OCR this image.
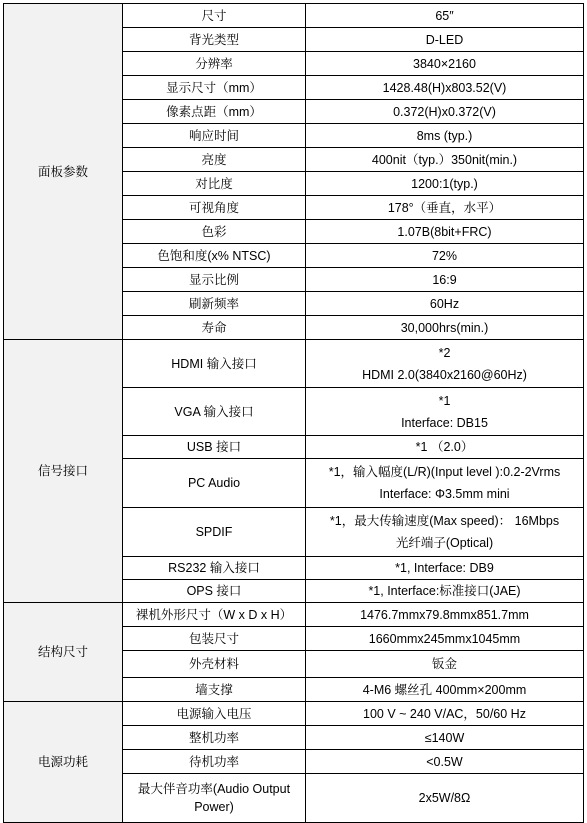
面板参数	尺寸	65″
	背光类型	D-LED
	分辨率	3840×2160
	显示尺寸（mm）	1428.48(H)x803.52(V)
	像素点距（mm）	0.372(H)x0.372(V)
	响应时间	8ms (typ.)
	亮度	400nit（typ.）350nit(min.)
	对比度	1200:1(typ.)
	可视角度	178°（垂直，水平）
	色彩	1.07B(8bit+FRC)
	色饱和度(x% NTSC)	72%
	显示比例	16:9
	刷新频率	60Hz
	寿命	30,000hrs(min.)
信号接口	HDMI 输入接口	*2
HDMI 2.0(3840x2160@60Hz)

	VGA 输入接口	*1
Interface: DB15

	USB 接口	*1 （2.0）
	PC Audio	*1，输入幅度(L/R)(Input level ):0.2-2Vrms
Interface: Φ3.5mm mini

	SPDIF	*1，最大传输速度(Max speed)： 16Mbps
光纤端子(Optical)

	RS232 输入接口	*1, Interface: DB9
	OPS 接口	*1, Interface:标准接口(JAE)
结构尺寸	裸机外形尺寸（W x D x H）	1476.7mmx79.8mmx851.7mm
	包装尺寸	1660mmx245mmx1045mm
	外壳材料	钣金
	墙支撑	4-M6 螺丝孔 400mm×200mm
电源功耗	电源输入电压	100 V ~ 240 V/AC，50/60 Hz
	整机功率	≤140W
	待机功率	<0.5W
	最大伴音功率(Audio Output Power)	2x5W/8Ω
